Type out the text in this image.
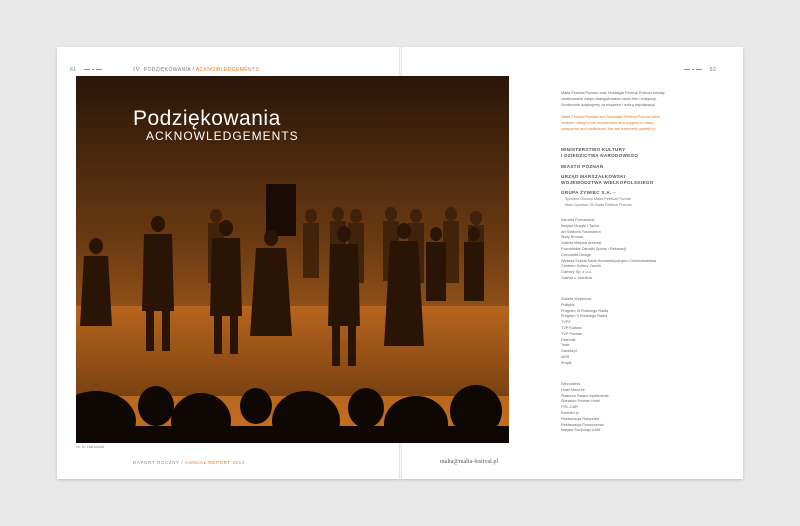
61	IV PODZIĘKOWANIA / ACKNOWLEDGEMENTS
Podziękowania
ACKNOWLEDGEMENTS
fot. M. Zakrzewski
RAPORT ROCZNY / ANNUAL REPORT 2012
62
Malta Festival Poznań oraz Nostalgia Festival Poznań zostały zrealizowane dzięki zaangażowaniu wielu firm i instytucji. Serdecznie dziękujemy za wsparcie i dobrą współpracę!
Malta Festival Poznań and Nostalgia Festival Poznań were realized owing to the involvement and support of many companies and institutions. We are extremely grateful to
MINISTERSTWO KULTURY
I DZIEDZICTWA NARODOWEGO
MIASTO POZNAŃ
URZĄD MARSZAŁKOWSKI
WOJEWÓDZTWA WIELKOPOLSKIEGO
GRUPA ŻYWIEC S.A. –
Sponsor Główny Malta Festival Poznań
Main Sponsor Of Malta Festival Poznań
Estrada Poznańska
Instytut Muzyki i Tańca
Art Stations Foundation
Stary Browar
Galeria Miejska Arsenał
Poznańskie Ośrodki Sportu i Rekreacji
Concordia Design
Wyższa Szkoła Nauk Humanistycznych i Dziennikarstwa
Centrum Kultury Zamek
Garbary Sp. z o.o.
Galeria u Jezuitów
Gazeta Wyborcza
Polityka
Program III Polskiego Radia
Program II Polskiego Radia
TVP2
TVP Kultura
TVP Poznań
Dziennik
Teatr
Gazeta.pl
AMS
Empik
Winnodiera
Hotel Mercure
Platinum Palace Apartments
Sheraton Poznań Hotel
POL-CAR
Ewentm.pl
Restauracja Rotundzie
Restauracja Powozownia
Instytut Socjologii UAM
malta@malta-festival.pl
